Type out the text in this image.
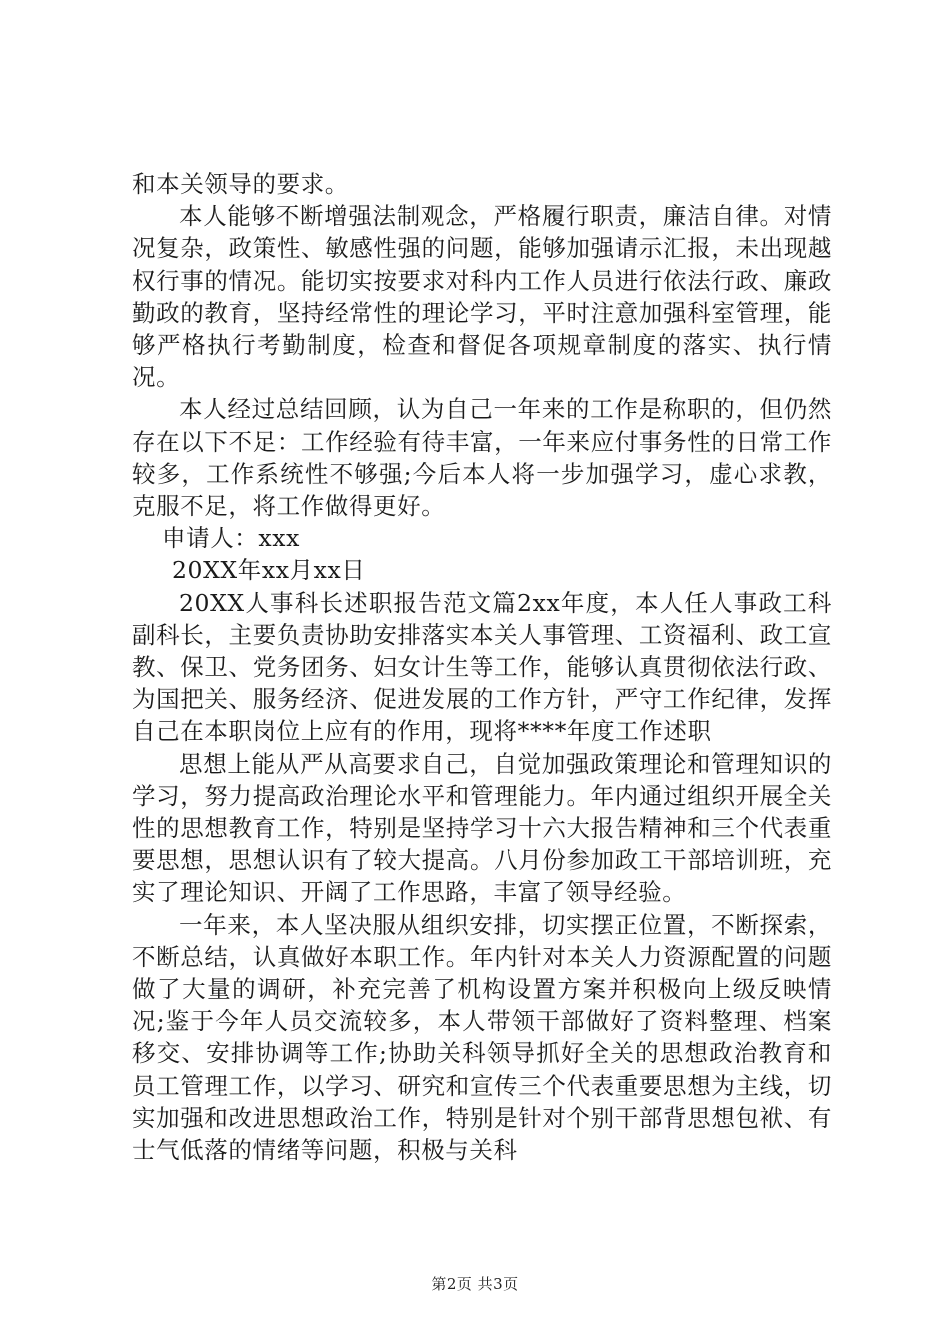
和本关领导的要求。

本人能够不断增强法制观念，严格履行职责，廉洁自律。对情况复杂，政策性、敏感性强的问题，能够加强请示汇报，未出现越权行事的情况。能切实按要求对科内工作人员进行依法行政、廉政勤政的教育，坚持经常性的理论学习，平时注意加强科室管理，能够严格执行考勤制度，检查和督促各项规章制度的落实、执行情况。

本人经过总结回顾，认为自己一年来的工作是称职的，但仍然存在以下不足：工作经验有待丰富，一年来应付事务性的日常工作较多，工作系统性不够强;今后本人将一步加强学习，虚心求教，克服不足，将工作做得更好。

申请人：xxx

20XX年xx月xx日

20XX人事科长述职报告范文篇2xx年度，本人任人事政工科副科长，主要负责协助安排落实本关人事管理、工资福利、政工宣教、保卫、党务团务、妇女计生等工作，能够认真贯彻依法行政、为国把关、服务经济、促进发展的工作方针，严守工作纪律，发挥自己在本职岗位上应有的作用，现将****年度工作述职

思想上能从严从高要求自己，自觉加强政策理论和管理知识的学习，努力提高政治理论水平和管理能力。年内通过组织开展全关性的思想教育工作，特别是坚持学习十六大报告精神和三个代表重要思想，思想认识有了较大提高。八月份参加政工干部培训班，充实了理论知识、开阔了工作思路，丰富了领导经验。

一年来，本人坚决服从组织安排，切实摆正位置，不断探索，不断总结，认真做好本职工作。年内针对本关人力资源配置的问题做了大量的调研，补充完善了机构设置方案并积极向上级反映情况;鉴于今年人员交流较多，本人带领干部做好了资料整理、档案移交、安排协调等工作;协助关科领导抓好全关的思想政治教育和员工管理工作，以学习、研究和宣传三个代表重要思想为主线，切实加强和改进思想政治工作，特别是针对个别干部背思想包袱、有士气低落的情绪等问题，积极与关科

第2页 共3页
